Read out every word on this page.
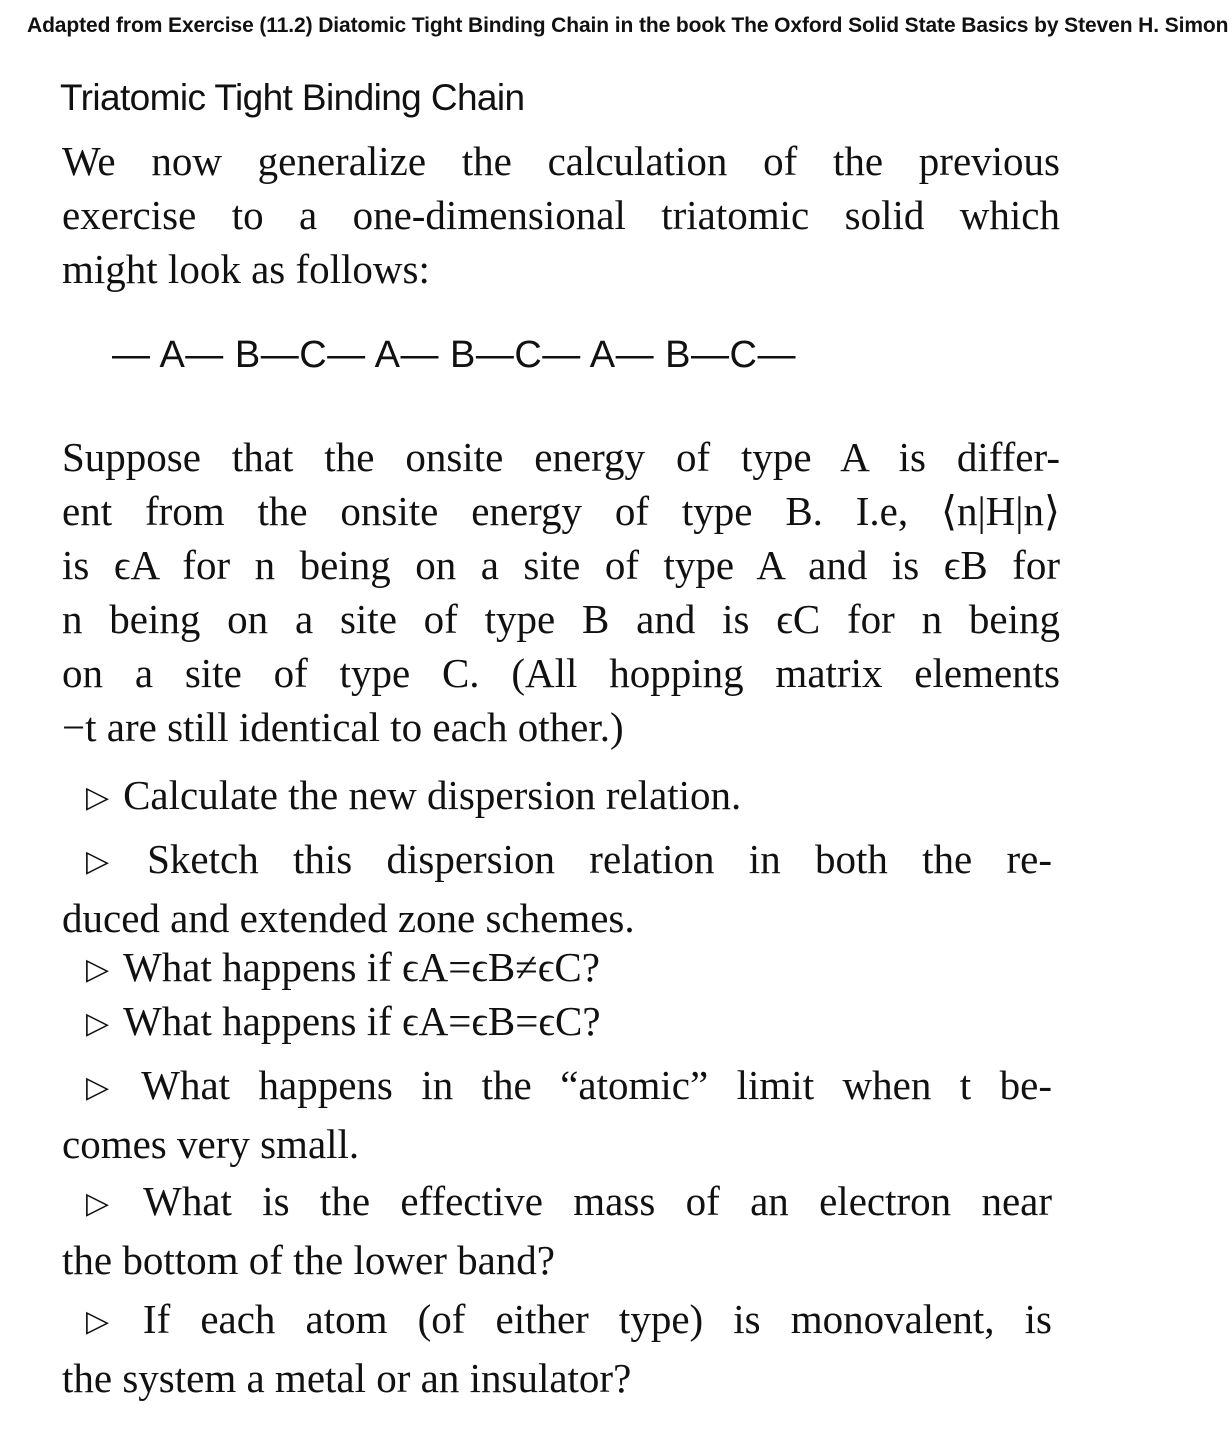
Adapted from Exercise (11.2) Diatomic Tight Binding Chain in the book The Oxford Solid State Basics by Steven H. Simon
Triatomic Tight Binding Chain
We now generalize the calculation of the previous
exercise to a one-dimensional triatomic solid which
might look as follows:
— A— B—C— A— B—C— A— B—C—
Suppose that the onsite energy of type A is differ-
ent from the onsite energy of type B. I.e, ⟨n|H|n⟩
is ϵA for n being on a site of type A and is ϵB for
n being on a site of type B and is ϵC for n being
on a site of type C. (All hopping matrix elements
−t are still identical to each other.)
▷ Calculate the new dispersion relation.
▷ Sketch this dispersion relation in both the re-
duced and extended zone schemes.
▷ What happens if ϵA=ϵB≠ϵC?
▷ What happens if ϵA=ϵB=ϵC?
▷ What happens in the “atomic” limit when t be-
comes very small.
▷ What is the effective mass of an electron near
the bottom of the lower band?
▷ If each atom (of either type) is monovalent, is
the system a metal or an insulator?
